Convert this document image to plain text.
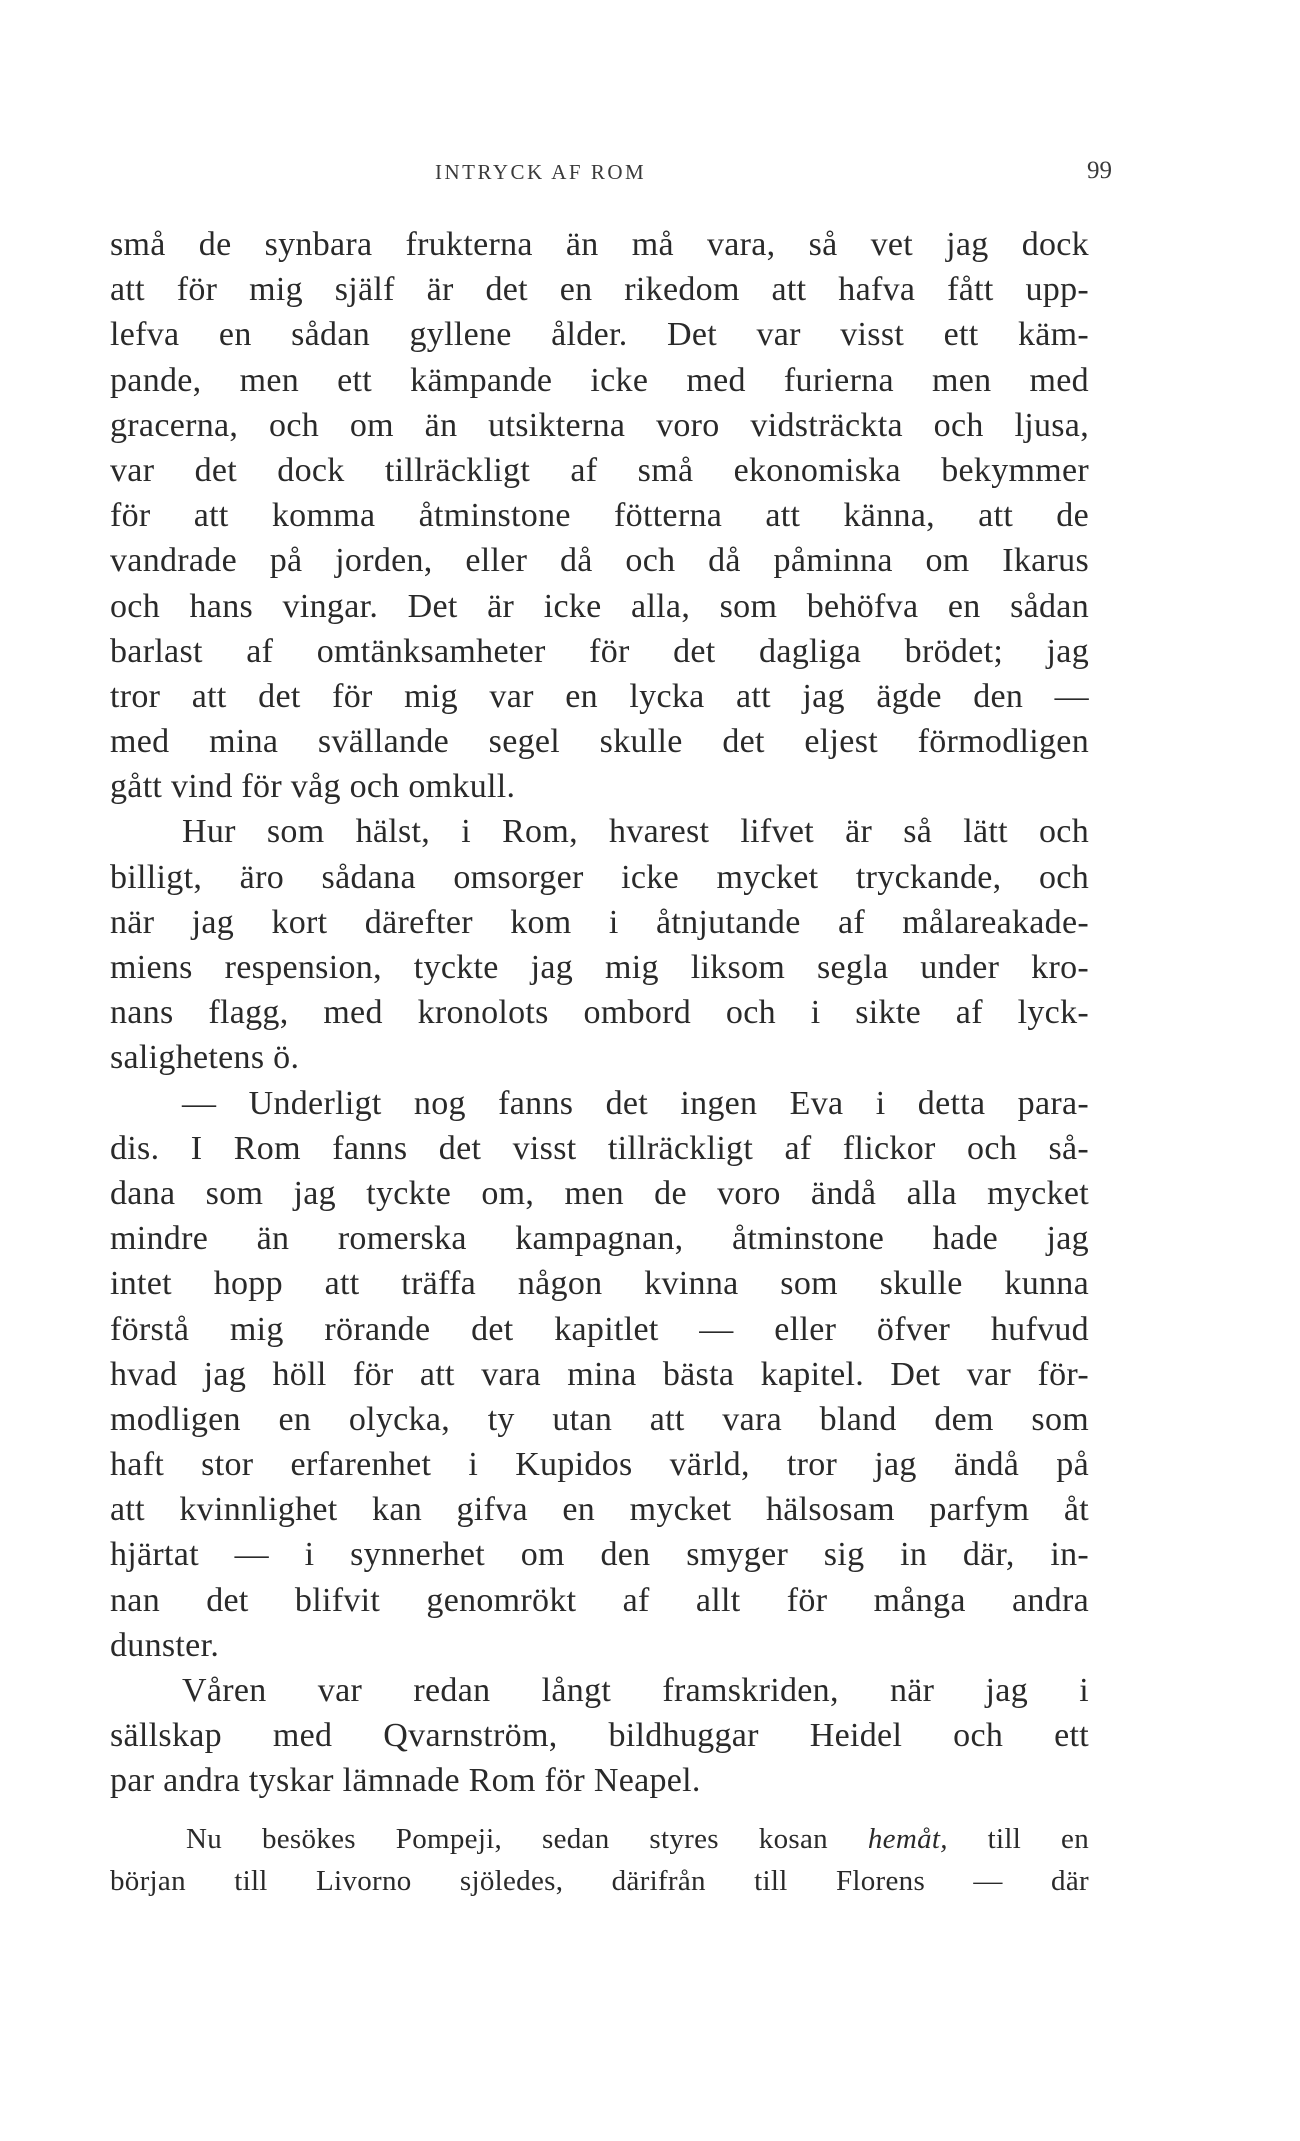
INTRYCK AF ROM	99

små de synbara frukterna än må vara, så vet jag dock
att för mig själf är det en rikedom att hafva fått upp-
lefva en sådan gyllene ålder. Det var visst ett käm-
pande, men ett kämpande icke med furierna men med
gracerna, och om än utsikterna voro vidsträckta och ljusa,
var det dock tillräckligt af små ekonomiska bekymmer
för att komma åtminstone fötterna att känna, att de
vandrade på jorden, eller då och då påminna om Ikarus
och hans vingar. Det är icke alla, som behöfva en sådan
barlast af omtänksamheter för det dagliga brödet; jag
tror att det för mig var en lycka att jag ägde den —
med mina svällande segel skulle det eljest förmodligen
gått vind för våg och omkull.

Hur som hälst, i Rom, hvarest lifvet är så lätt och
billigt, äro sådana omsorger icke mycket tryckande, och
när jag kort därefter kom i åtnjutande af målareakade-
miens respension, tyckte jag mig liksom segla under kro-
nans flagg, med kronolots ombord och i sikte af lyck-
salighetens ö.

— Underligt nog fanns det ingen Eva i detta para-
dis. I Rom fanns det visst tillräckligt af flickor och så-
dana som jag tyckte om, men de voro ändå alla mycket
mindre än romerska kampagnan, åtminstone hade jag
intet hopp att träffa någon kvinna som skulle kunna
förstå mig rörande det kapitlet — eller öfver hufvud
hvad jag höll för att vara mina bästa kapitel. Det var för-
modligen en olycka, ty utan att vara bland dem som
haft stor erfarenhet i Kupidos värld, tror jag ändå på
att kvinnlighet kan gifva en mycket hälsosam parfym åt
hjärtat — i synnerhet om den smyger sig in där, in-
nan det blifvit genomrökt af allt för många andra
dunster.

Våren var redan långt framskriden, när jag i
sällskap med Qvarnström, bildhuggar Heidel och ett
par andra tyskar lämnade Rom för Neapel.

Nu besökes Pompeji, sedan styres kosan hemåt, till en
början till Livorno sjöledes, därifrån till Florens — där
